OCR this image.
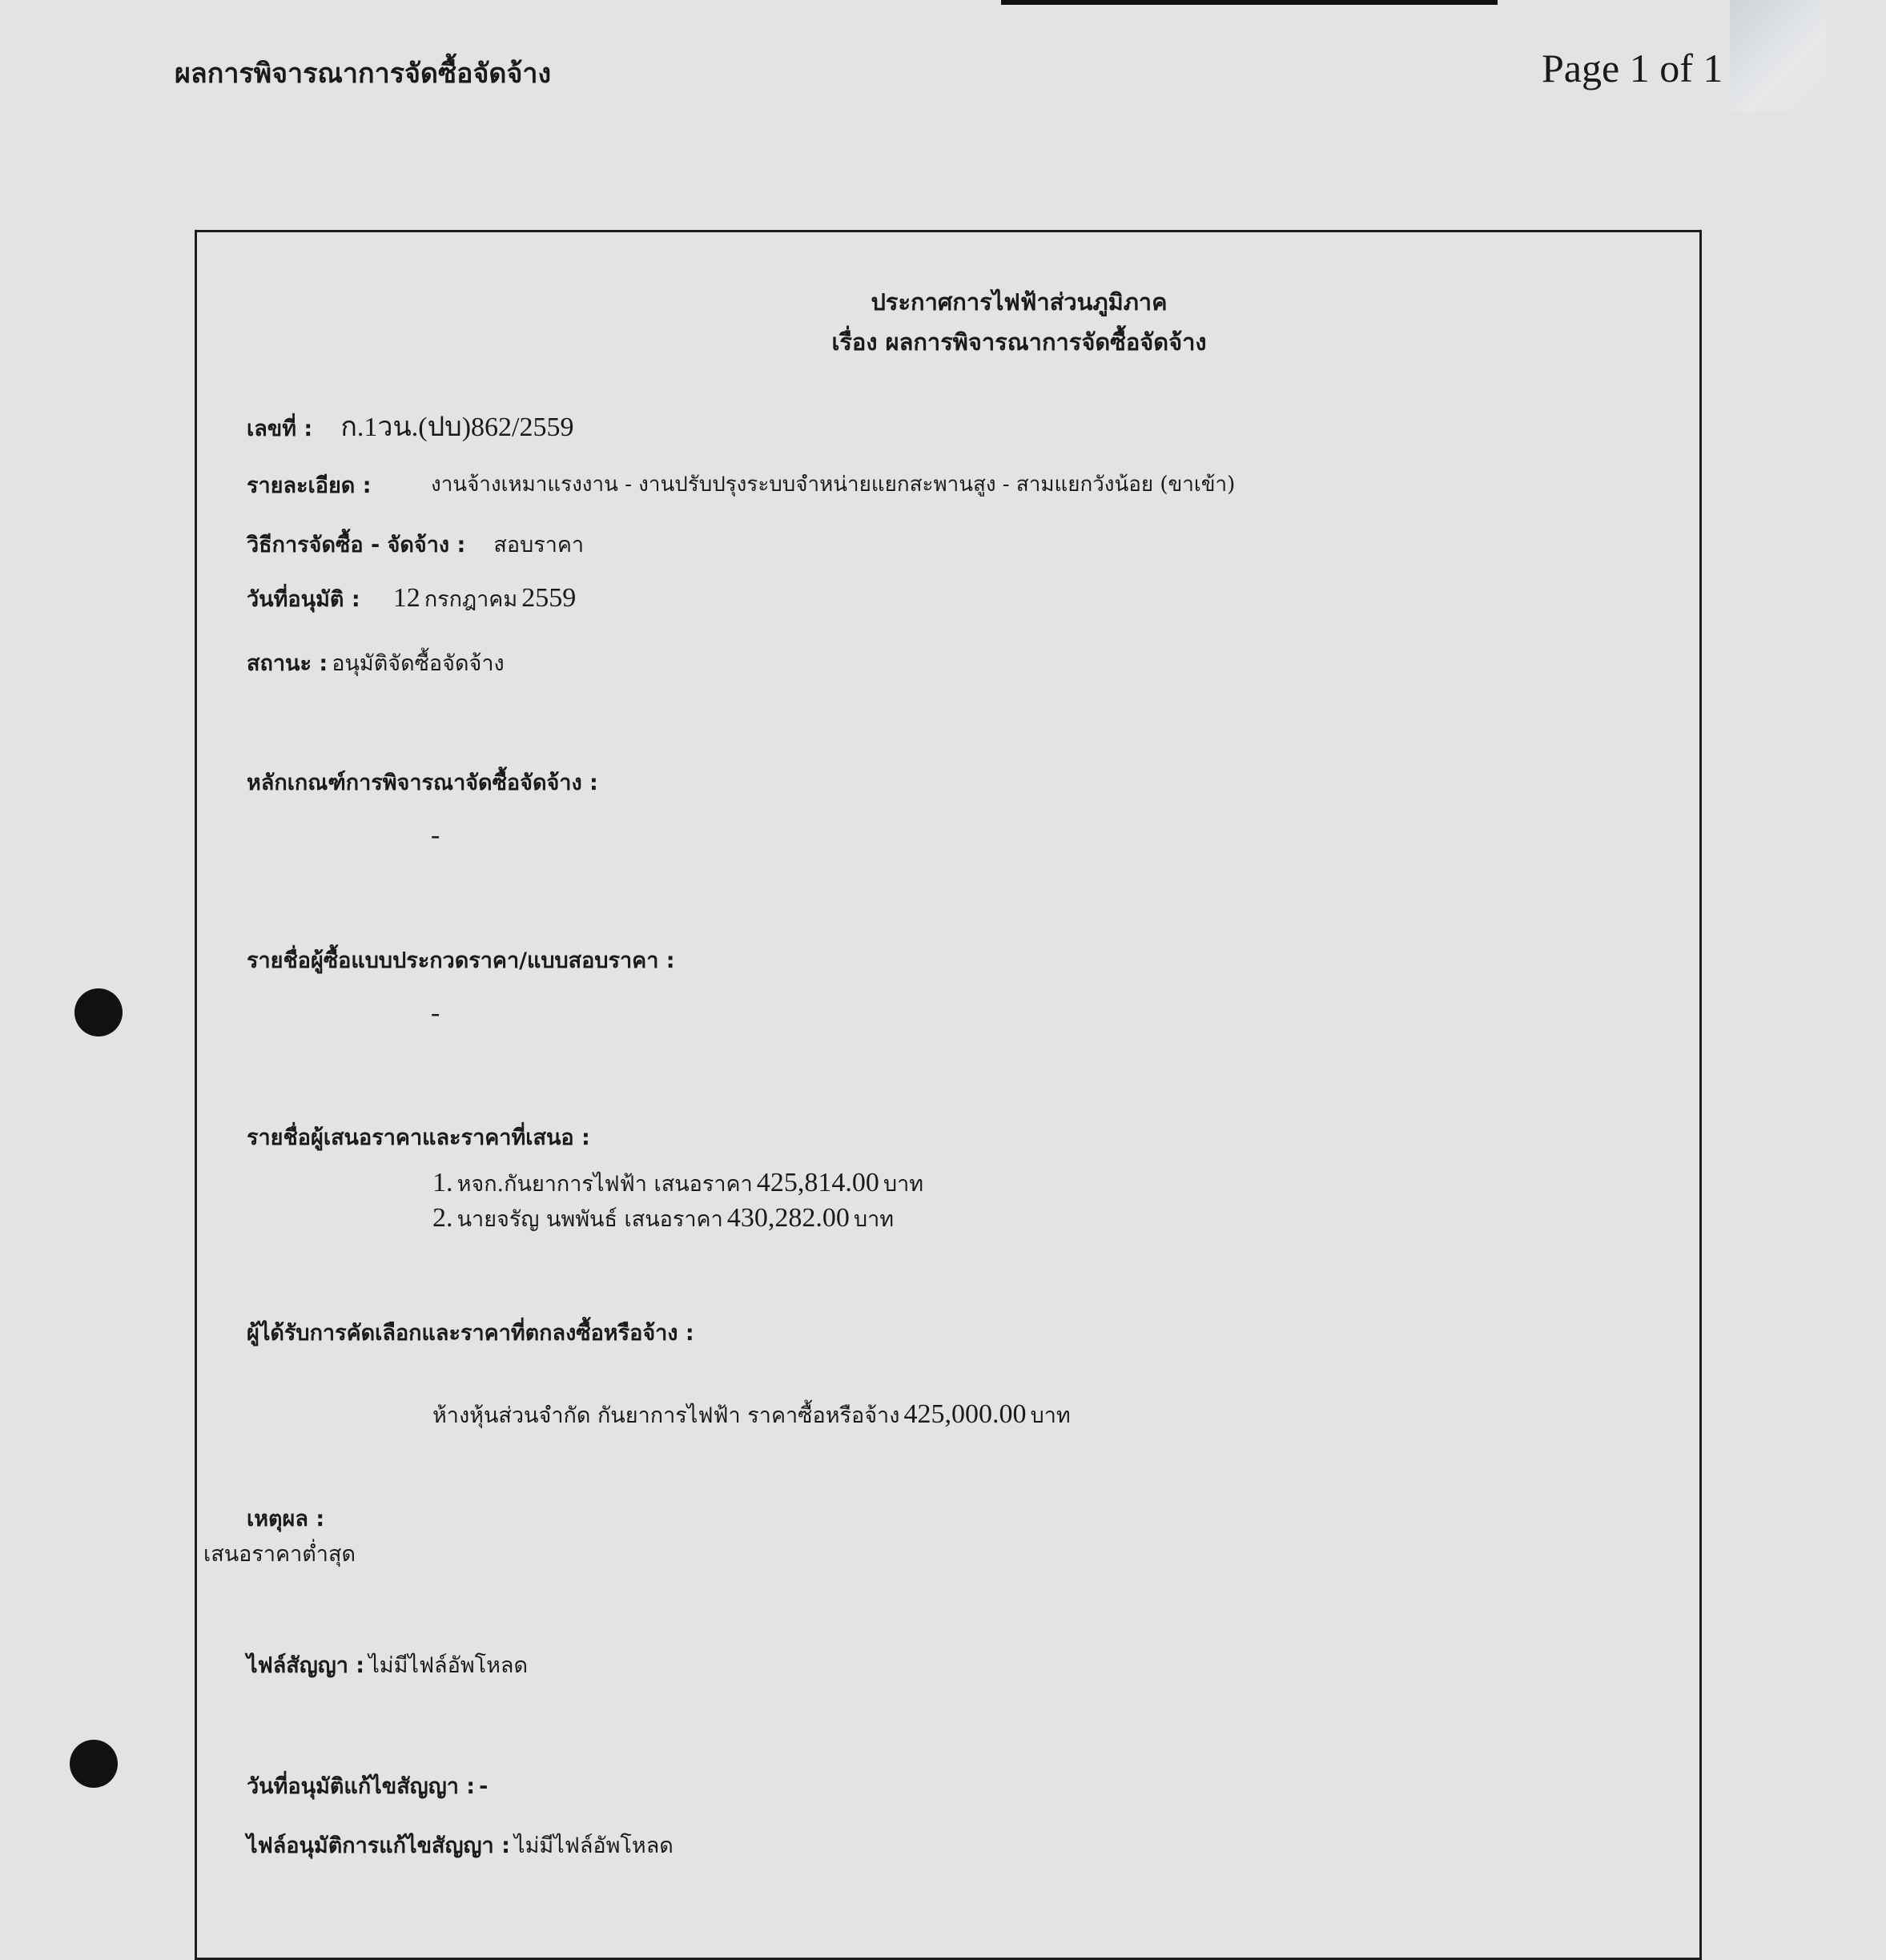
ผลการพิจารณาการจัดซื้อจัดจ้าง	Page 1 of 1
ประกาศการไฟฟ้าส่วนภูมิภาค
เรื่อง ผลการพิจารณาการจัดซื้อจัดจ้าง
เลขที่ : ก.1วน.(ปบ)862/2559
รายละเอียด :	งานจ้างเหมาแรงงาน - งานปรับปรุงระบบจำหน่ายแยกสะพานสูง - สามแยกวังน้อย (ขาเข้า)
วิธีการจัดซื้อ - จัดจ้าง : สอบราคา
วันที่อนุมัติ : 12 กรกฎาคม 2559
สถานะ : อนุมัติจัดซื้อจัดจ้าง
หลักเกณฑ์การพิจารณาจัดซื้อจัดจ้าง :
-
รายชื่อผู้ซื้อแบบประกวดราคา/แบบสอบราคา :
-
รายชื่อผู้เสนอราคาและราคาที่เสนอ :
1. หจก.กันยาการไฟฟ้า เสนอราคา 425,814.00 บาท
2. นายจรัญ นพพันธ์ เสนอราคา 430,282.00 บาท
ผู้ได้รับการคัดเลือกและราคาที่ตกลงซื้อหรือจ้าง :
ห้างหุ้นส่วนจำกัด กันยาการไฟฟ้า ราคาซื้อหรือจ้าง 425,000.00 บาท
เหตุผล :
เสนอราคาต่ำสุด
ไฟล์สัญญา : ไม่มีไฟล์อัพโหลด
วันที่อนุมัติแก้ไขสัญญา : -
ไฟล์อนุมัติการแก้ไขสัญญา : ไม่มีไฟล์อัพโหลด
